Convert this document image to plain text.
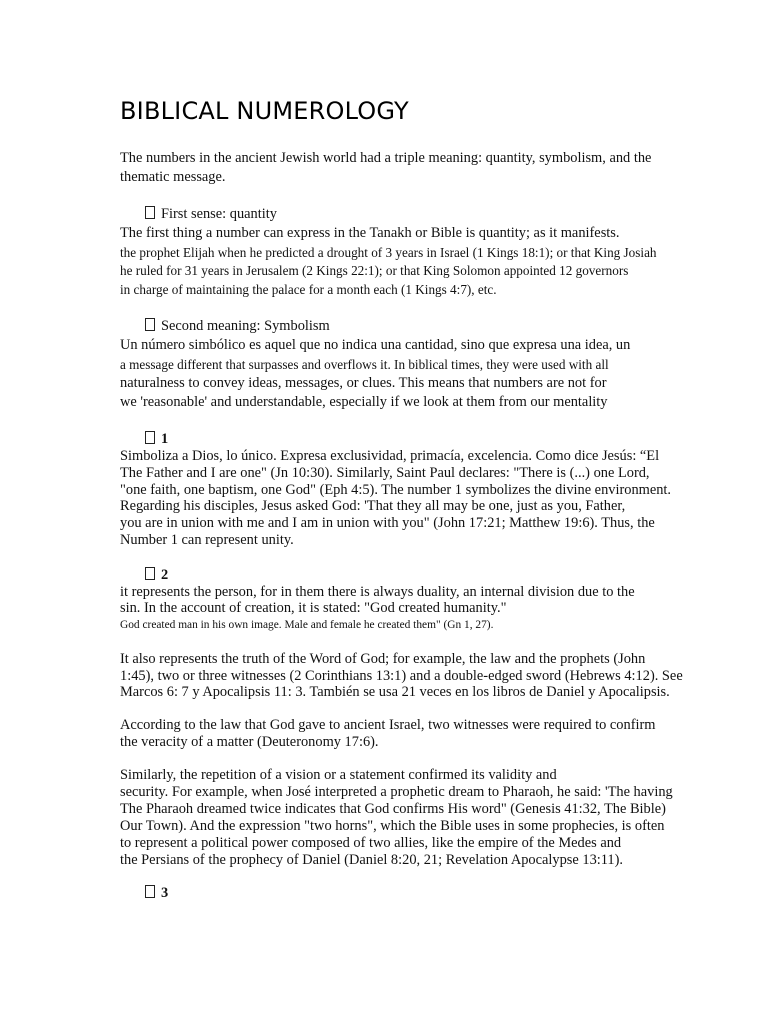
BIBLICAL NUMEROLOGY
The numbers in the ancient Jewish world had a triple meaning: quantity, symbolism, and the
thematic message.
First sense: quantity
The first thing a number can express in the Tanakh or Bible is quantity; as it manifests.
the prophet Elijah when he predicted a drought of 3 years in Israel (1 Kings 18:1); or that King Josiah
he ruled for 31 years in Jerusalem (2 Kings 22:1); or that King Solomon appointed 12 governors
in charge of maintaining the palace for a month each (1 Kings 4:7), etc.
Second meaning: Symbolism
Un número simbólico es aquel que no indica una cantidad, sino que expresa una idea, un
a message different that surpasses and overflows it. In biblical times, they were used with all
naturalness to convey ideas, messages, or clues. This means that numbers are not for
we 'reasonable' and understandable, especially if we look at them from our mentality
1
Simboliza a Dios, lo único. Expresa exclusividad, primacía, excelencia. Como dice Jesús: “El
The Father and I are one" (Jn 10:30). Similarly, Saint Paul declares: "There is (...) one Lord,
"one faith, one baptism, one God" (Eph 4:5). The number 1 symbolizes the divine environment.
Regarding his disciples, Jesus asked God: 'That they all may be one, just as you, Father,
you are in union with me and I am in union with you" (John 17:21; Matthew 19:6). Thus, the
Number 1 can represent unity.
2
it represents the person, for in them there is always duality, an internal division due to the
sin. In the account of creation, it is stated: "God created humanity."
God created man in his own image. Male and female he created them" (Gn 1, 27).
It also represents the truth of the Word of God; for example, the law and the prophets (John
1:45), two or three witnesses (2 Corinthians 13:1) and a double-edged sword (Hebrews 4:12). See
Marcos 6: 7 y Apocalipsis 11: 3. También se usa 21 veces en los libros de Daniel y Apocalipsis.
According to the law that God gave to ancient Israel, two witnesses were required to confirm
the veracity of a matter (Deuteronomy 17:6).
Similarly, the repetition of a vision or a statement confirmed its validity and
security. For example, when José interpreted a prophetic dream to Pharaoh, he said: 'The having
The Pharaoh dreamed twice indicates that God confirms His word" (Genesis 41:32, The Bible)
Our Town). And the expression "two horns", which the Bible uses in some prophecies, is often
to represent a political power composed of two allies, like the empire of the Medes and
the Persians of the prophecy of Daniel (Daniel 8:20, 21; Revelation Apocalypse 13:11).
3
